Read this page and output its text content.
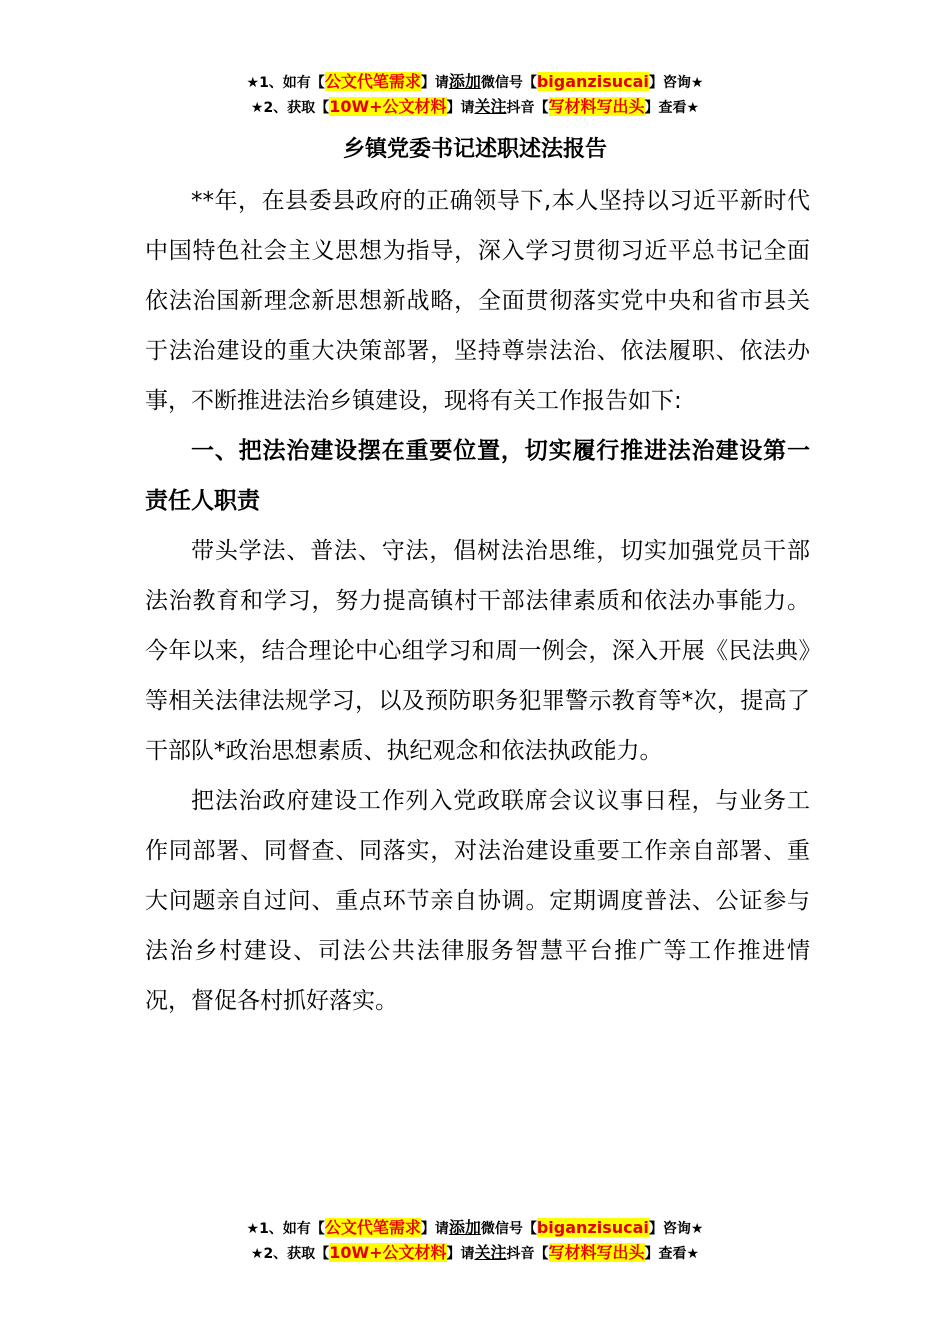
★1、如有【公文代笔需求】请添加微信号【biganzisucai】咨询★
★2、获取【10W+公文材料】请关注抖音【写材料写出头】查看★
乡镇党委书记述职述法报告

**年，在县委县政府的正确领导下,本人坚持以习近平新时代中国特色社会主义思想为指导，深入学习贯彻习近平总书记全面依法治国新理念新思想新战略，全面贯彻落实党中央和省市县关于法治建设的重大决策部署，坚持尊崇法治、依法履职、依法办事，不断推进法治乡镇建设，现将有关工作报告如下:

一、把法治建设摆在重要位置，切实履行推进法治建设第一责任人职责

带头学法、普法、守法，倡树法治思维，切实加强党员干部法治教育和学习，努力提高镇村干部法律素质和依法办事能力。今年以来，结合理论中心组学习和周一例会，深入开展《民法典》等相关法律法规学习，以及预防职务犯罪警示教育等*次，提高了干部队*政治思想素质、执纪观念和依法执政能力。

把法治政府建设工作列入党政联席会议议事日程，与业务工作同部署、同督查、同落实，对法治建设重要工作亲自部署、重大问题亲自过问、重点环节亲自协调。定期调度普法、公证参与法治乡村建设、司法公共法律服务智慧平台推广等工作推进情况，督促各村抓好落实。

★1、如有【公文代笔需求】请添加微信号【biganzisucai】咨询★
★2、获取【10W+公文材料】请关注抖音【写材料写出头】查看★
